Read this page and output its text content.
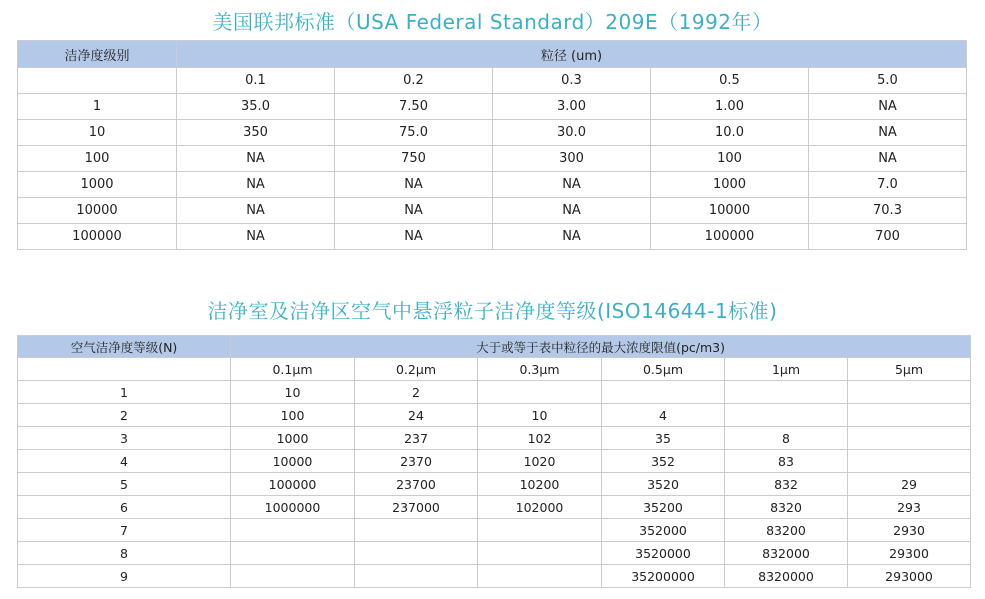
美国联邦标准（USA Federal Standard）209E（1992年）
洁净度级别	粒径 (um)				
	0.1	0.2	0.3	0.5	5.0
1	35.0	7.50	3.00	1.00	NA
10	350	75.0	30.0	10.0	NA
100	NA	750	300	100	NA
1000	NA	NA	NA	1000	7.0
10000	NA	NA	NA	10000	70.3
100000	NA	NA	NA	100000	700
洁净室及洁净区空气中悬浮粒子洁净度等级(ISO14644-1标准)
空气洁净度等级(N)	大于或等于表中粒径的最大浓度限值(pc/m3)					
	0.1μm	0.2μm	0.3μm	0.5μm	1μm	5μm
1	10	2				
2	100	24	10	4		
3	1000	237	102	35	8	
4	10000	2370	1020	352	83	
5	100000	23700	10200	3520	832	29
6	1000000	237000	102000	35200	8320	293
7				352000	83200	2930
8				3520000	832000	29300
9				35200000	8320000	293000
